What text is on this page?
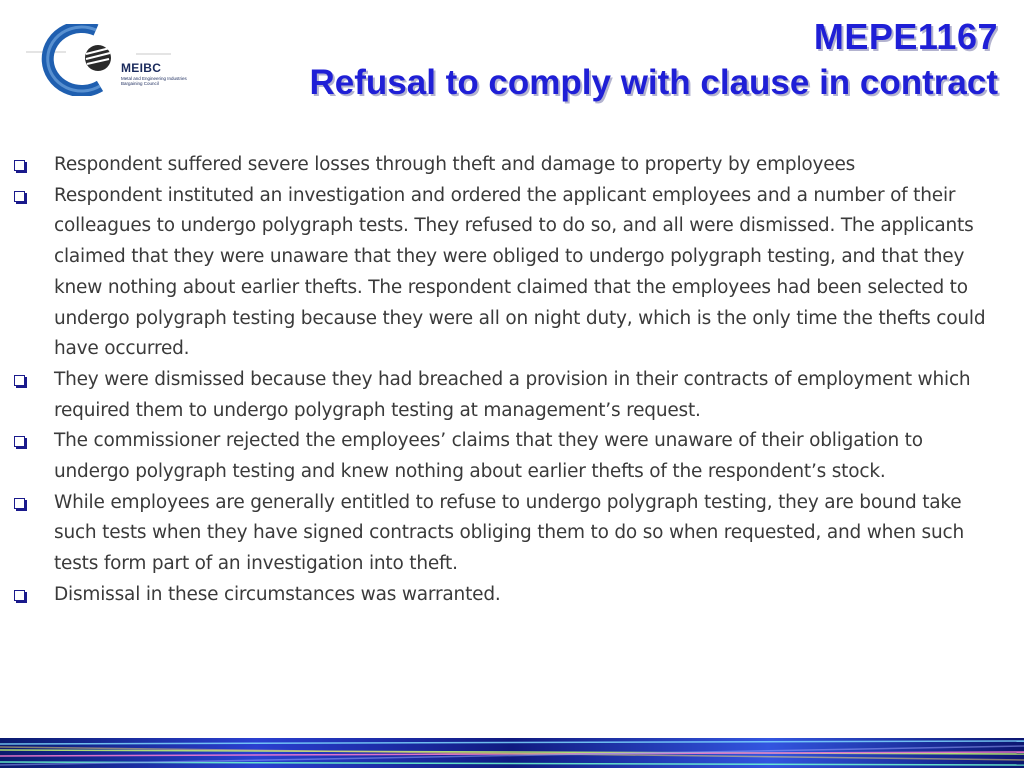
MEIBC
Metal and Engineering Industries Bargaining Council
MEPE1167
Refusal to comply with clause in contract
Respondent suffered severe losses through theft and damage to property by employees
Respondent instituted an investigation and ordered the applicant employees and a number of their colleagues to undergo polygraph tests. They refused to do so, and all were dismissed. The applicants claimed that they were unaware that they were obliged to undergo polygraph testing, and that they knew nothing about earlier thefts. The respondent claimed that the employees had been selected to undergo polygraph testing because they were all on night duty, which is the only time the thefts could have occurred.
They were dismissed because they had breached a provision in their contracts of employment which required them to undergo polygraph testing at management’s request.
The commissioner rejected the employees’ claims that they were unaware of their obligation to undergo polygraph testing and knew nothing about earlier thefts of the respondent’s stock.
While employees are generally entitled to refuse to undergo polygraph testing, they are bound take such tests when they have signed contracts obliging them to do so when requested, and when such tests form part of an investigation into theft.
Dismissal in these circumstances was warranted.
